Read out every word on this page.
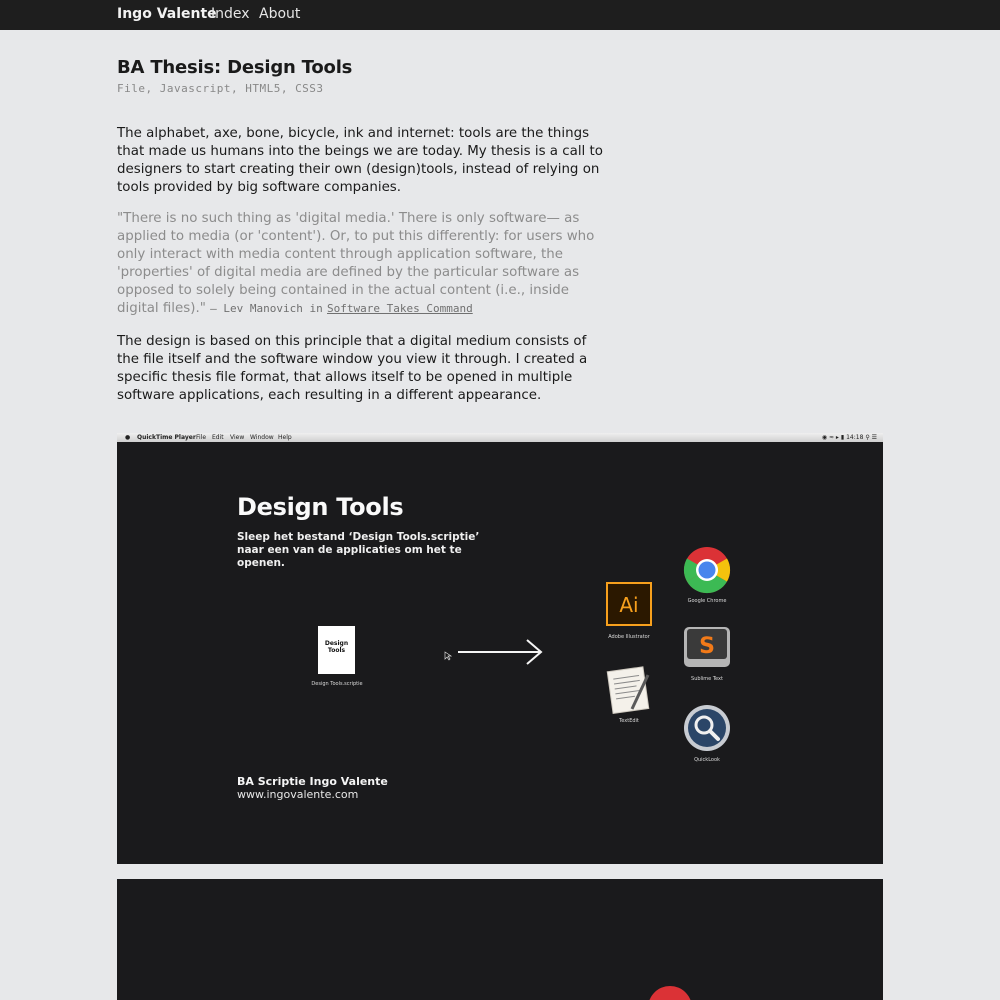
Ingo Valente
Index About
BA Thesis: Design Tools
File, Javascript, HTML5, CSS3

The alphabet, axe, bone, bicycle, ink and internet: tools are the things that made us humans into the beings we are today. My thesis is a call to designers to start creating their own (design)tools, instead of relying on tools provided by big software companies.

"There is no such thing as 'digital media.' There is only software— as applied to media (or 'content'). Or, to put this differently: for users who only interact with media content through application software, the 'properties' of digital media are defined by the particular software as opposed to solely being contained in the actual content (i.e., inside digital files)." — Lev Manovich in Software Takes Command

The design is based on this principle that a digital medium consists of the file itself and the software window you view it through. I created a specific thesis file format, that allows itself to be opened in multiple software applications, each resulting in a different appearance.

● QuickTime Player File Edit View Window Help	◉ ≈ ▸ ▮ 14:18 ⚲ ☰
Design Tools
Sleep het bestand ‘Design Tools.scriptie’ naar een van de applicaties om het te openen.
Design Tools
Design Tools.scriptie
Ai
Adobe Illustrator
Google Chrome
S
Sublime Text
TextEdit
QuickLook
BA Scriptie Ingo Valente
www.ingovalente.com
